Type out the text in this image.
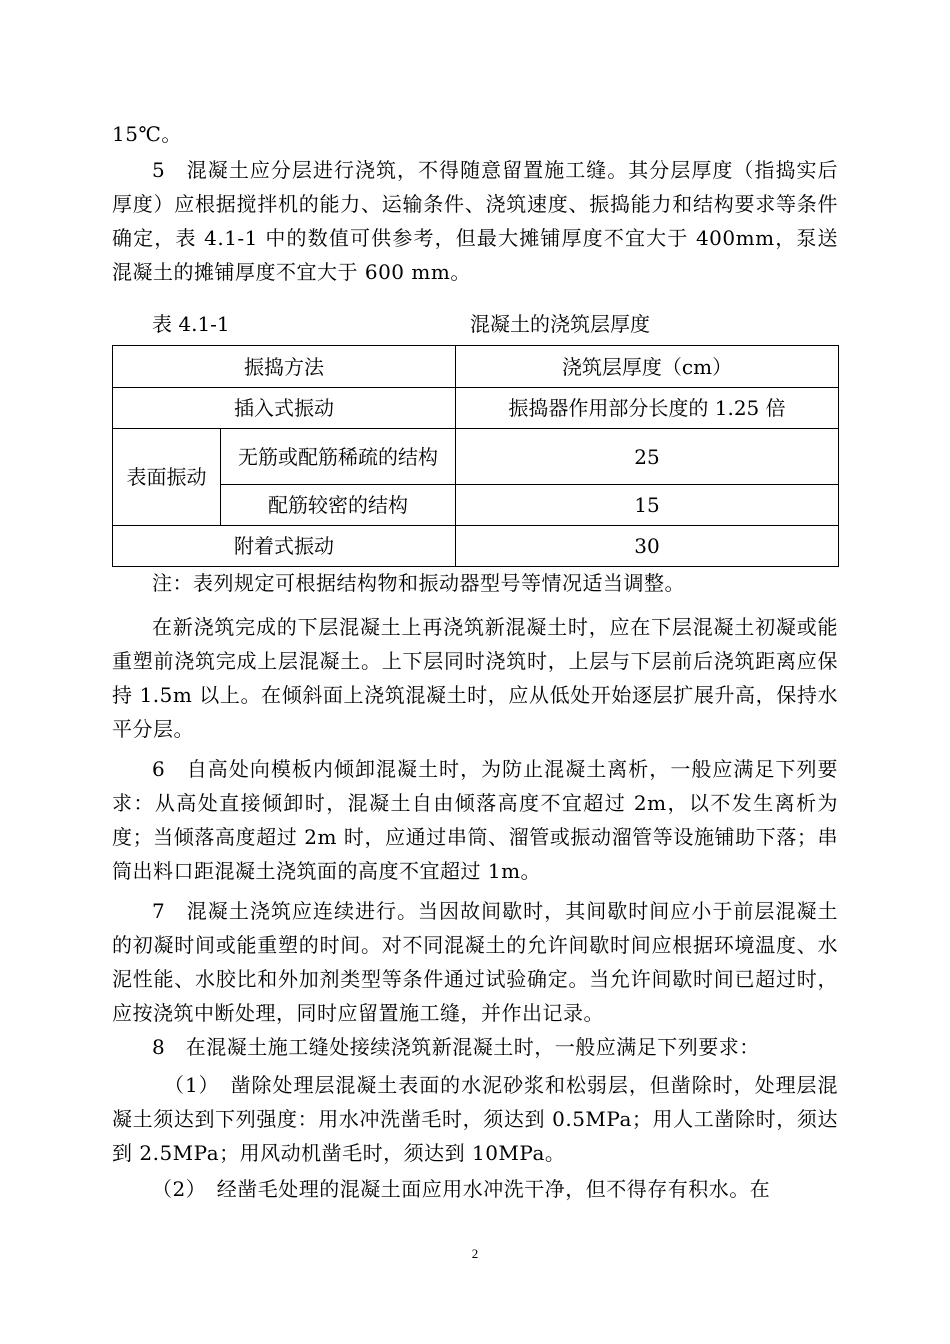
15℃。

5　混凝土应分层进行浇筑，不得随意留置施工缝。其分层厚度（指捣实后厚度）应根据搅拌机的能力、运输条件、浇筑速度、振捣能力和结构要求等条件确定，表 4.1-1 中的数值可供参考，但最大摊铺厚度不宜大于 400mm，泵送混凝土的摊铺厚度不宜大于 600 mm。

表 4.1-1	混凝土的浇筑层厚度
振捣方法		浇筑层厚度（cm）
插入式振动		振捣器作用部分长度的 1.25 倍
表面振动	无筋或配筋稀疏的结构	25
	配筋较密的结构	15
附着式振动		30

注：表列规定可根据结构物和振动器型号等情况适当调整。

在新浇筑完成的下层混凝土上再浇筑新混凝土时，应在下层混凝土初凝或能重塑前浇筑完成上层混凝土。上下层同时浇筑时，上层与下层前后浇筑距离应保持 1.5m 以上。在倾斜面上浇筑混凝土时，应从低处开始逐层扩展升高，保持水平分层。

6　自高处向模板内倾卸混凝土时，为防止混凝土离析，一般应满足下列要求：从高处直接倾卸时，混凝土自由倾落高度不宜超过 2m，以不发生离析为度；当倾落高度超过 2m 时，应通过串筒、溜管或振动溜管等设施铺助下落；串筒出料口距混凝土浇筑面的高度不宜超过 1m。

7　混凝土浇筑应连续进行。当因故间歇时，其间歇时间应小于前层混凝土的初凝时间或能重塑的时间。对不同混凝土的允许间歇时间应根据环境温度、水泥性能、水胶比和外加剂类型等条件通过试验确定。当允许间歇时间已超过时，应按浇筑中断处理，同时应留置施工缝，并作出记录。

8　在混凝土施工缝处接续浇筑新混凝土时，一般应满足下列要求：

（1）　凿除处理层混凝土表面的水泥砂浆和松弱层，但凿除时，处理层混凝土须达到下列强度：用水冲洗凿毛时，须达到 0.5MPa；用人工凿除时，须达到 2.5MPa；用风动机凿毛时，须达到 10MPa。

（2）　经凿毛处理的混凝土面应用水冲洗干净，但不得存有积水。在

2
